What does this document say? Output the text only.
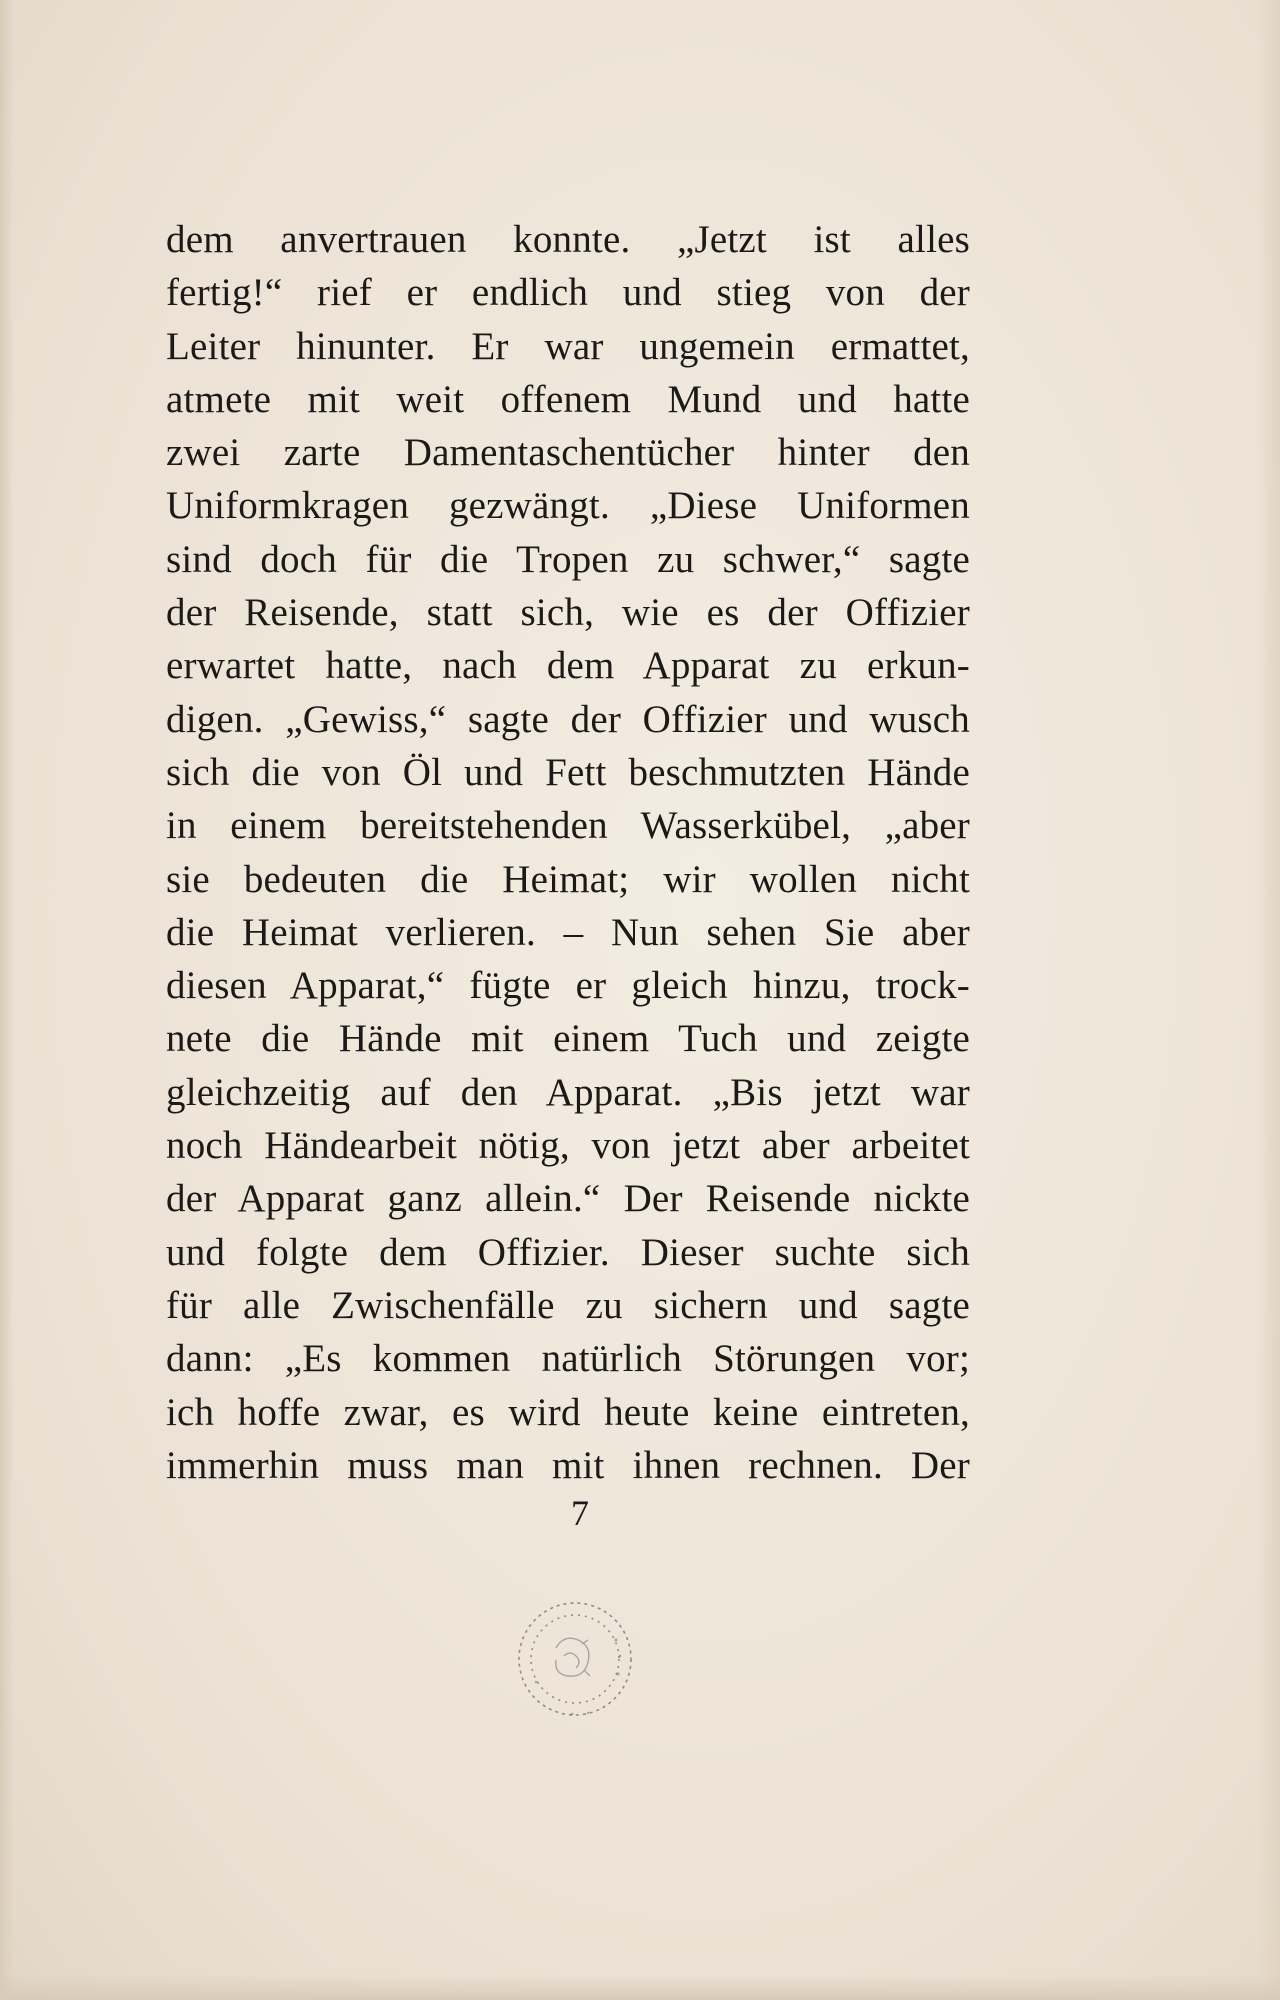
dem anvertrauen konnte. „Jetzt ist alles
fertig!“ rief er endlich und stieg von der
Leiter hinunter. Er war ungemein ermattet,
atmete mit weit offenem Mund und hatte
zwei zarte Damentaschentücher hinter den
Uniformkragen gezwängt. „Diese Uniformen
sind doch für die Tropen zu schwer,“ sagte
der Reisende, statt sich, wie es der Offizier
erwartet hatte, nach dem Apparat zu erkun-
digen. „Gewiss,“ sagte der Offizier und wusch
sich die von Öl und Fett beschmutzten Hände
in einem bereitstehenden Wasserkübel, „aber
sie bedeuten die Heimat; wir wollen nicht
die Heimat verlieren. – Nun sehen Sie aber
diesen Apparat,“ fügte er gleich hinzu, trock-
nete die Hände mit einem Tuch und zeigte
gleichzeitig auf den Apparat. „Bis jetzt war
noch Händearbeit nötig, von jetzt aber arbeitet
der Apparat ganz allein.“ Der Reisende nickte
und folgte dem Offizier. Dieser suchte sich
für alle Zwischenfälle zu sichern und sagte
dann: „Es kommen natürlich Störungen vor;
ich hoffe zwar, es wird heute keine eintreten,
immerhin muss man mit ihnen rechnen. Der
7
